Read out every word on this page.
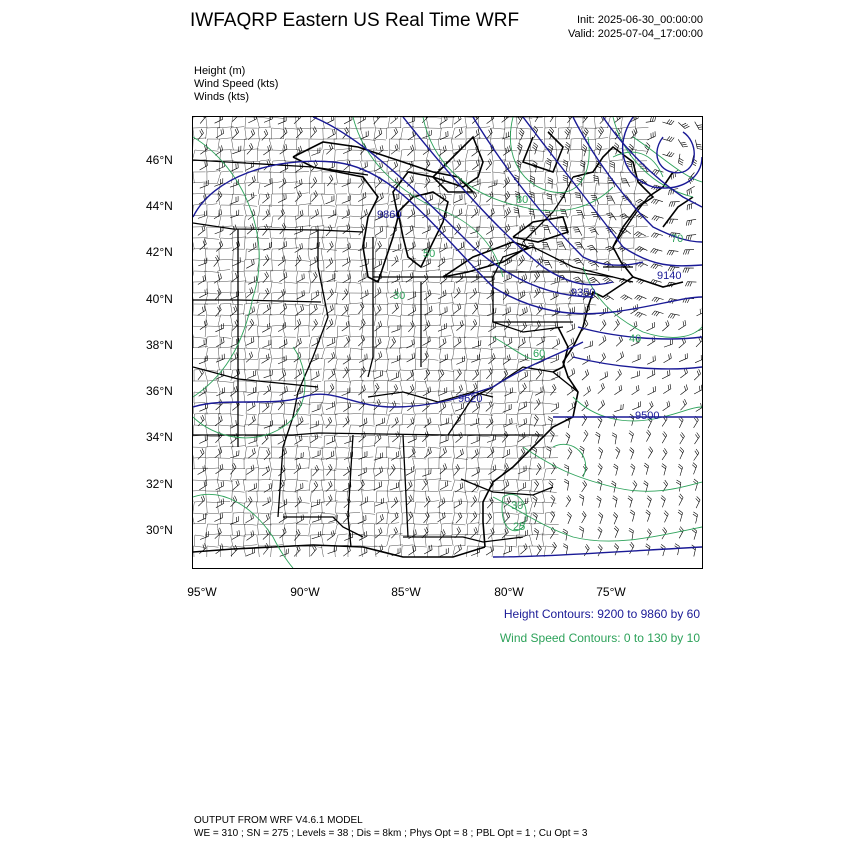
IWFAQRP Eastern US Real Time WRF	Init: 2025-06-30_00:00:00
Valid: 2025-07-04_17:00:00
Height (m)
Wind Speed (kts)
Winds (kts)
9860
9350
9140
9620
9500
80
30
40
70
60
50
30
25
46°N
44°N
42°N
40°N
38°N
36°N
34°N
32°N
30°N
95°W	90°W	85°W	80°W	75°W
Height Contours: 9200 to 9860 by 60
Wind Speed Contours: 0 to 130 by 10
OUTPUT FROM WRF V4.6.1 MODEL
WE = 310 ; SN = 275 ; Levels = 38 ; Dis = 8km ; Phys Opt = 8 ; PBL Opt = 1 ; Cu Opt = 3
